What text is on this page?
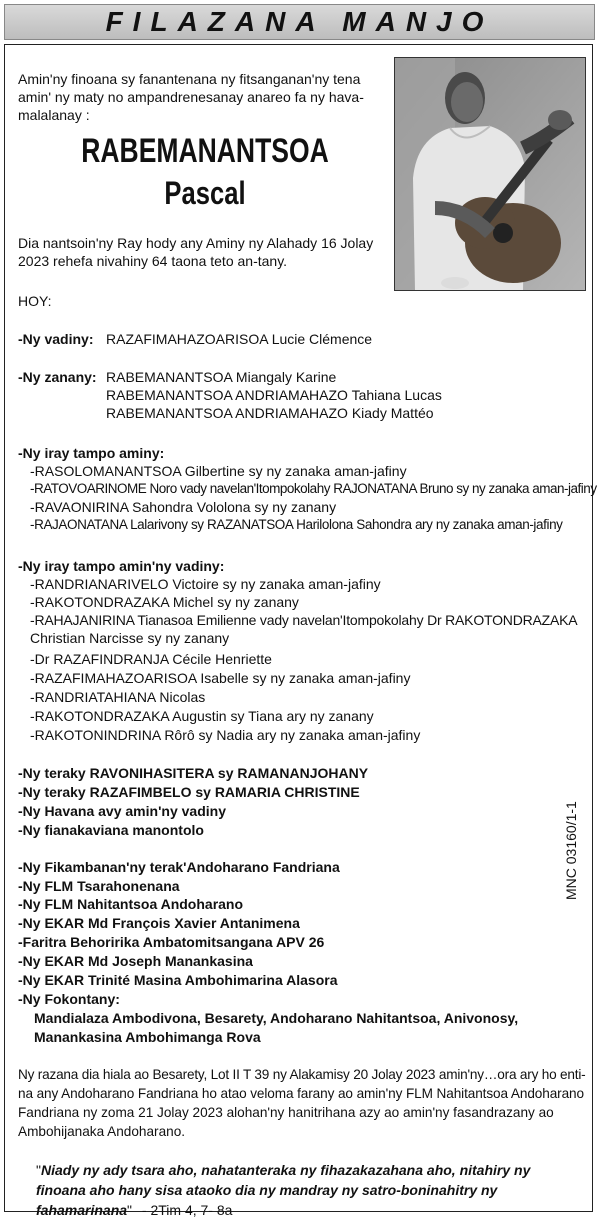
FILAZANA MANJO
Amin'ny finoana sy fanantenana ny fitsanganan'ny tena amin' ny maty no ampandrenesanay anareo fa ny hava-malalanay :
RABEMANANTSOA
Pascal
Dia nantsoin'ny Ray hody any Aminy ny Alahady 16 Jolay 2023 rehefa nivahiny 64 taona teto an-tany.
HOY:
-Ny vadiny: RAZAFIMAHAZOARISOA Lucie Clémence
-Ny zanany: RABEMANANTSOA Miangaly Karine
RABEMANANTSOA ANDRIAMAHAZO Tahiana Lucas
RABEMANANTSOA ANDRIAMAHAZO Kiady Mattéo
-Ny iray tampo aminy:
-RASOLOMANANTSOA Gilbertine sy ny zanaka aman-jafiny
-RATOVOARINOME Noro vady navelan'Itompokolahy RAJONATANA Bruno sy ny zanaka aman-jafiny
-RAVAONIRINA Sahondra Vololona sy ny zanany
-RAJAONATANA Lalarivony sy RAZANATSOA Harilolona Sahondra ary ny zanaka aman-jafiny
-Ny iray tampo amin'ny vadiny:
-RANDRIANARIVELO Victoire sy ny zanaka aman-jafiny
-RAKOTONDRAZAKA Michel sy ny zanany
-RAHAJANIRINA Tianasoa Emilienne vady navelan'Itompokolahy Dr RAKOTONDRAZAKA
Christian Narcisse sy ny zanany
-Dr RAZAFINDRANJA Cécile Henriette
-RAZAFIMAHAZOARISOA Isabelle sy ny zanaka aman-jafiny
-RANDRIATAHIANA Nicolas
-RAKOTONDRAZAKA Augustin sy Tiana ary ny zanany
-RAKOTONINDRINA Rôrô sy Nadia ary ny zanaka aman-jafiny
-Ny teraky RAVONIHASITERA sy RAMANANJOHANY
-Ny teraky RAZAFIMBELO sy RAMARIA CHRISTINE
-Ny Havana avy amin'ny vadiny
-Ny fianakaviana manontolo
-Ny Fikambanan'ny terak'Andoharano Fandriana
-Ny FLM Tsarahonenana
-Ny FLM Nahitantsoa Andoharano
-Ny EKAR Md François Xavier Antanimena
-Faritra Behoririka Ambatomitsangana APV 26
-Ny EKAR Md Joseph Manankasina
-Ny EKAR Trinité Masina Ambohimarina Alasora
-Ny Fokontany:
Mandialaza Ambodivona, Besarety, Andoharano Nahitantsoa, Anivonosy,
Manankasina Ambohimanga Rova
Ny razana dia hiala ao Besarety, Lot II T 39 ny Alakamisy 20 Jolay 2023 amin'ny…ora ary ho enti-
na any Andoharano Fandriana ho atao veloma farany ao amin'ny FLM Nahitantsoa Andoharano
Fandriana ny zoma 21 Jolay 2023 alohan'ny hanitrihana azy ao amin'ny fasandrazany ao
Ambohijanaka Andoharano.
"Niady ny ady tsara aho, nahatanteraka ny fihazakazahana aho, nitahiry ny finoana aho hany sisa ataoko dia ny mandray ny satro-boninahitry ny fahamarinana" - 2Tim 4, 7- 8a
MNC 03160/1-1
